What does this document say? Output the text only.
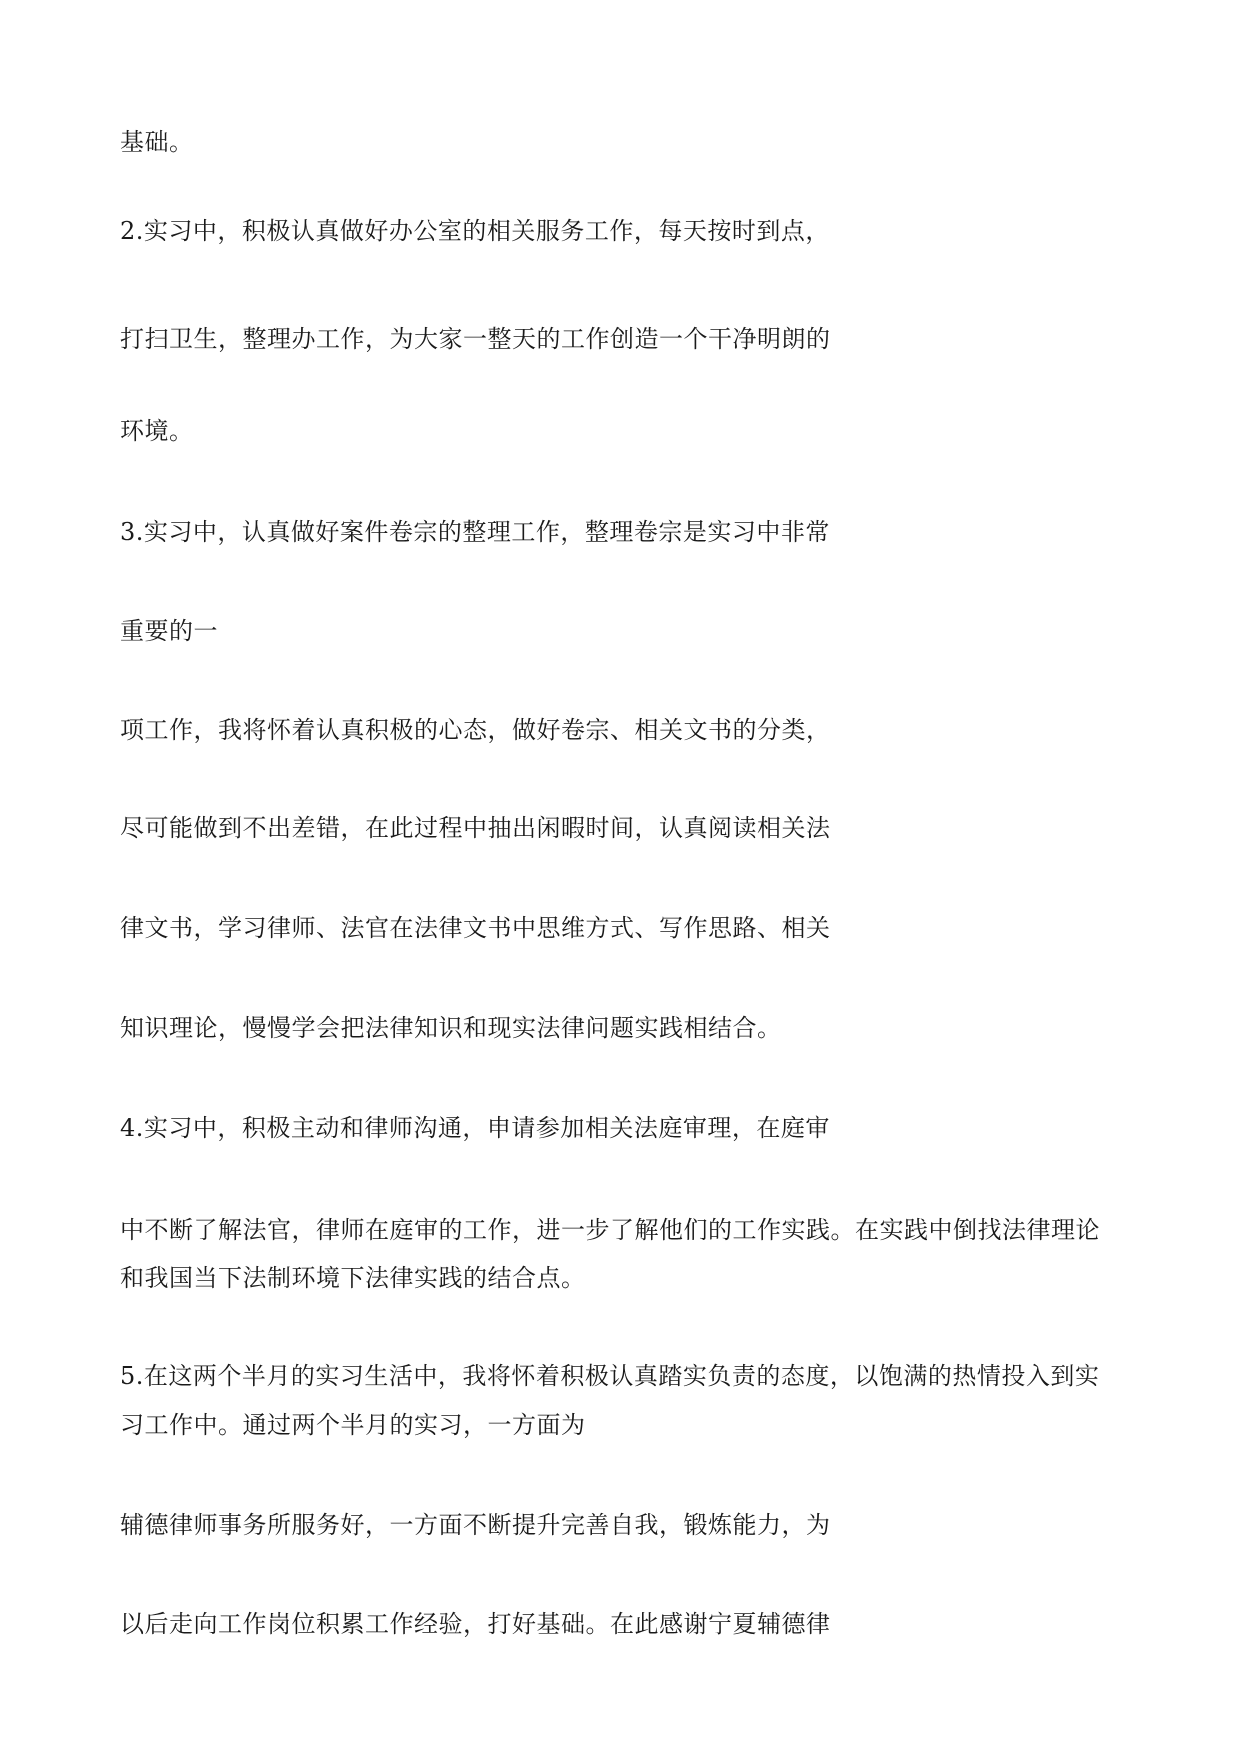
基础。

2.实习中，积极认真做好办公室的相关服务工作，每天按时到点，

打扫卫生，整理办工作，为大家一整天的工作创造一个干净明朗的

环境。

3.实习中，认真做好案件卷宗的整理工作，整理卷宗是实习中非常

重要的一

项工作，我将怀着认真积极的心态，做好卷宗、相关文书的分类，

尽可能做到不出差错，在此过程中抽出闲暇时间，认真阅读相关法

律文书，学习律师、法官在法律文书中思维方式、写作思路、相关

知识理论，慢慢学会把法律知识和现实法律问题实践相结合。

4.实习中，积极主动和律师沟通，申请参加相关法庭审理，在庭审

中不断了解法官，律师在庭审的工作，进一步了解他们的工作实践。在实践中倒找法律理论

和我国当下法制环境下法律实践的结合点。

5.在这两个半月的实习生活中，我将怀着积极认真踏实负责的态度，以饱满的热情投入到实

习工作中。通过两个半月的实习，一方面为

辅德律师事务所服务好，一方面不断提升完善自我，锻炼能力，为

以后走向工作岗位积累工作经验，打好基础。在此感谢宁夏辅德律
